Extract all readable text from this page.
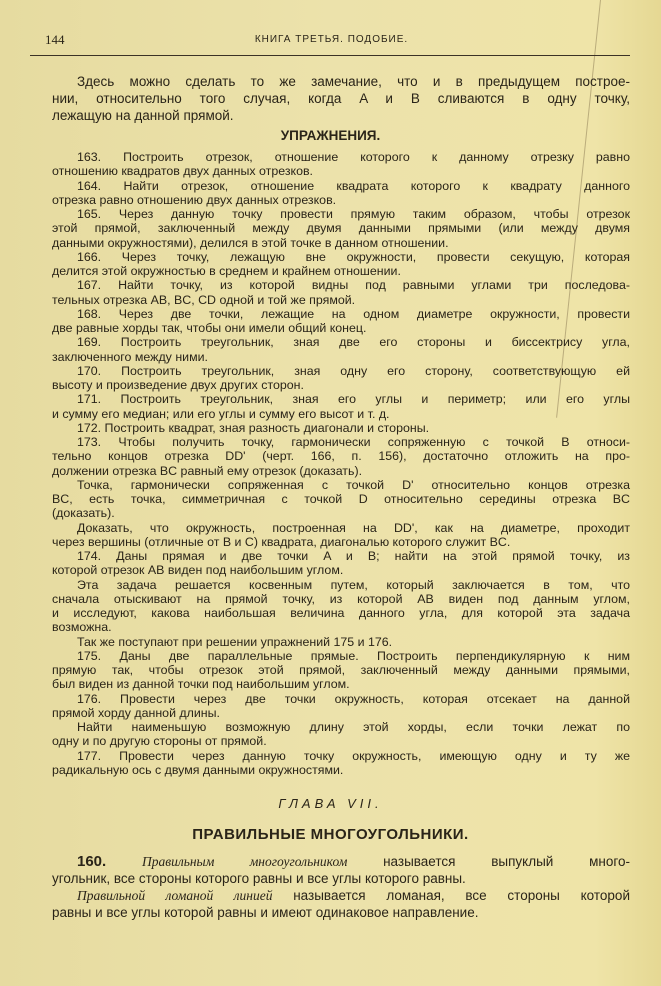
144	КНИГА ТРЕТЬЯ. ПОДОБИЕ.
Здесь можно сделать то же замечание, что и в предыдущем построе-
нии, относительно того случая, когда A и B сливаются в одну точку,
лежащую на данной прямой.
УПРАЖНЕНИЯ.
163. Построить отрезок, отношение которого к данному отрезку равно
отношению квадратов двух данных отрезков.
164. Найти отрезок, отношение квадрата которого к квадрату данного
отрезка равно отношению двух данных отрезков.
165. Через данную точку провести прямую таким образом, чтобы отрезок
этой прямой, заключенный между двумя данными прямыми (или между двумя
данными окружностями), делился в этой точке в данном отношении.
166. Через точку, лежащую вне окружности, провести секущую, которая
делится этой окружностью в среднем и крайнем отношении.
167. Найти точку, из которой видны под равными углами три последова-
тельных отрезка AB, BC, CD одной и той же прямой.
168. Через две точки, лежащие на одном диаметре окружности, провести
две равные хорды так, чтобы они имели общий конец.
169. Построить треугольник, зная две его стороны и биссектрису угла,
заключенного между ними.
170. Построить треугольник, зная одну его сторону, соответствующую ей
высоту и произведение двух других сторон.
171. Построить треугольник, зная его углы и периметр; или его углы
и сумму его медиан; или его углы и сумму его высот и т. д.
172. Построить квадрат, зная разность диагонали и стороны.
173. Чтобы получить точку, гармонически сопряженную с точкой B относи-
тельно концов отрезка DD' (черт. 166, п. 156), достаточно отложить на про-
должении отрезка BC равный ему отрезок (доказать).
Точка, гармонически сопряженная с точкой D' относительно концов отрезка
BC, есть точка, симметричная с точкой D относительно середины отрезка BC
(доказать).
Доказать, что окружность, построенная на DD', как на диаметре, проходит
через вершины (отличные от B и C) квадрата, диагональю которого служит BC.
174. Даны прямая и две точки A и B; найти на этой прямой точку, из
которой отрезок AB виден под наибольшим углом.
Эта задача решается косвенным путем, который заключается в том, что
сначала отыскивают на прямой точку, из которой AB виден под данным углом,
и исследуют, какова наибольшая величина данного угла, для которой эта задача
возможна.
Так же поступают при решении упражнений 175 и 176.
175. Даны две параллельные прямые. Построить перпендикулярную к ним
прямую так, чтобы отрезок этой прямой, заключенный между данными прямыми,
был виден из данной точки под наибольшим углом.
176. Провести через две точки окружность, которая отсекает на данной
прямой хорду данной длины.
Найти наименьшую возможную длину этой хорды, если точки лежат по
одну и по другую стороны от прямой.
177. Провести через данную точку окружность, имеющую одну и ту же
радикальную ось с двумя данными окружностями.
ГЛАВА VII.
ПРАВИЛЬНЫЕ МНОГОУГОЛЬНИКИ.
160.	Правильным многоугольником	называется выпуклый много-
угольник, все стороны которого равны и все углы которого равны.
Правильной ломаной линией называется ломаная, все стороны которой
равны и все углы которой равны и имеют одинаковое направление.
